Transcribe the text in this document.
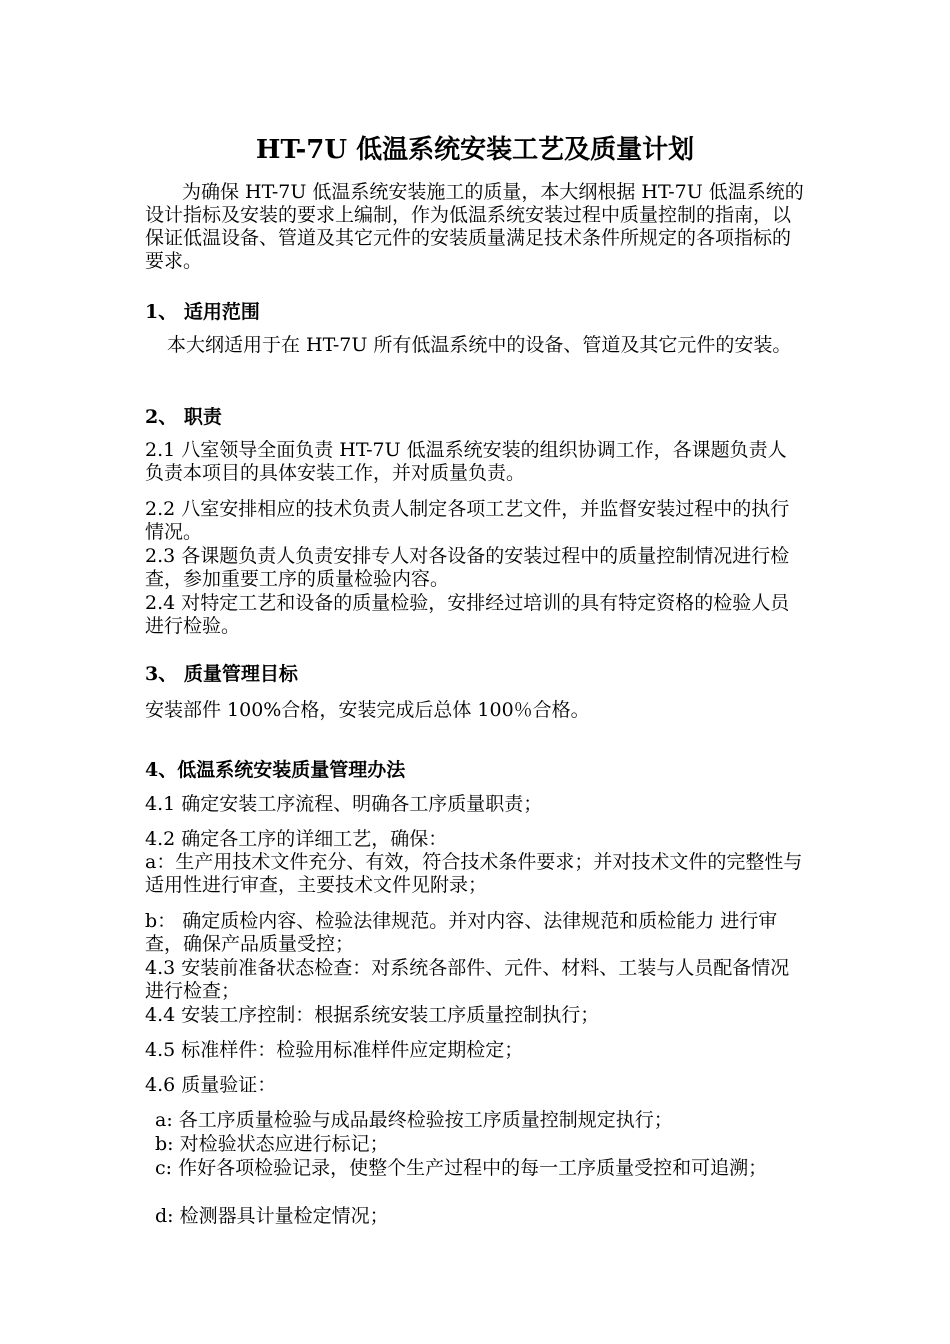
HT-7U 低温系统安装工艺及质量计划
为确保 HT-7U 低温系统安装施工的质量，本大纲根据 HT-7U 低温系统的设计指标及安装的要求上编制，作为低温系统安装过程中质量控制的指南，以保证低温设备、管道及其它元件的安装质量满足技术条件所规定的各项指标的要求。
1、 适用范围
本大纲适用于在 HT-7U 所有低温系统中的设备、管道及其它元件的安装。
2、 职责
2.1 八室领导全面负责 HT-7U 低温系统安装的组织协调工作，各课题负责人 负责本项目的具体安装工作，并对质量负责。
2.2 八室安排相应的技术负责人制定各项工艺文件，并监督安装过程中的执行情况。
2.3 各课题负责人负责安排专人对各设备的安装过程中的质量控制情况进行检查，参加重要工序的质量检验内容。
2.4 对特定工艺和设备的质量检验，安排经过培训的具有特定资格的检验人员进行检验。
3、 质量管理目标
安装部件 100%合格，安装完成后总体 100％合格。
4、低温系统安装质量管理办法
4.1 确定安装工序流程、明确各工序质量职责；
4.2 确定各工序的详细工艺，确保：
a：生产用技术文件充分、有效，符合技术条件要求；并对技术文件的完整性与适用性进行审查，主要技术文件见附录；
b： 确定质检内容、检验法律规范。并对内容、法律规范和质检能力 进行审查，确保产品质量受控；
4.3 安装前准备状态检查：对系统各部件、元件、材料、工装与人员配备情况进行检查；
4.4 安装工序控制：根据系统安装工序质量控制执行；
4.5 标准样件：检验用标准样件应定期检定；
4.6 质量验证：
a: 各工序质量检验与成品最终检验按工序质量控制规定执行；
b: 对检验状态应进行标记；
c: 作好各项检验记录，使整个生产过程中的每一工序质量受控和可追溯；
d: 检测器具计量检定情况；
